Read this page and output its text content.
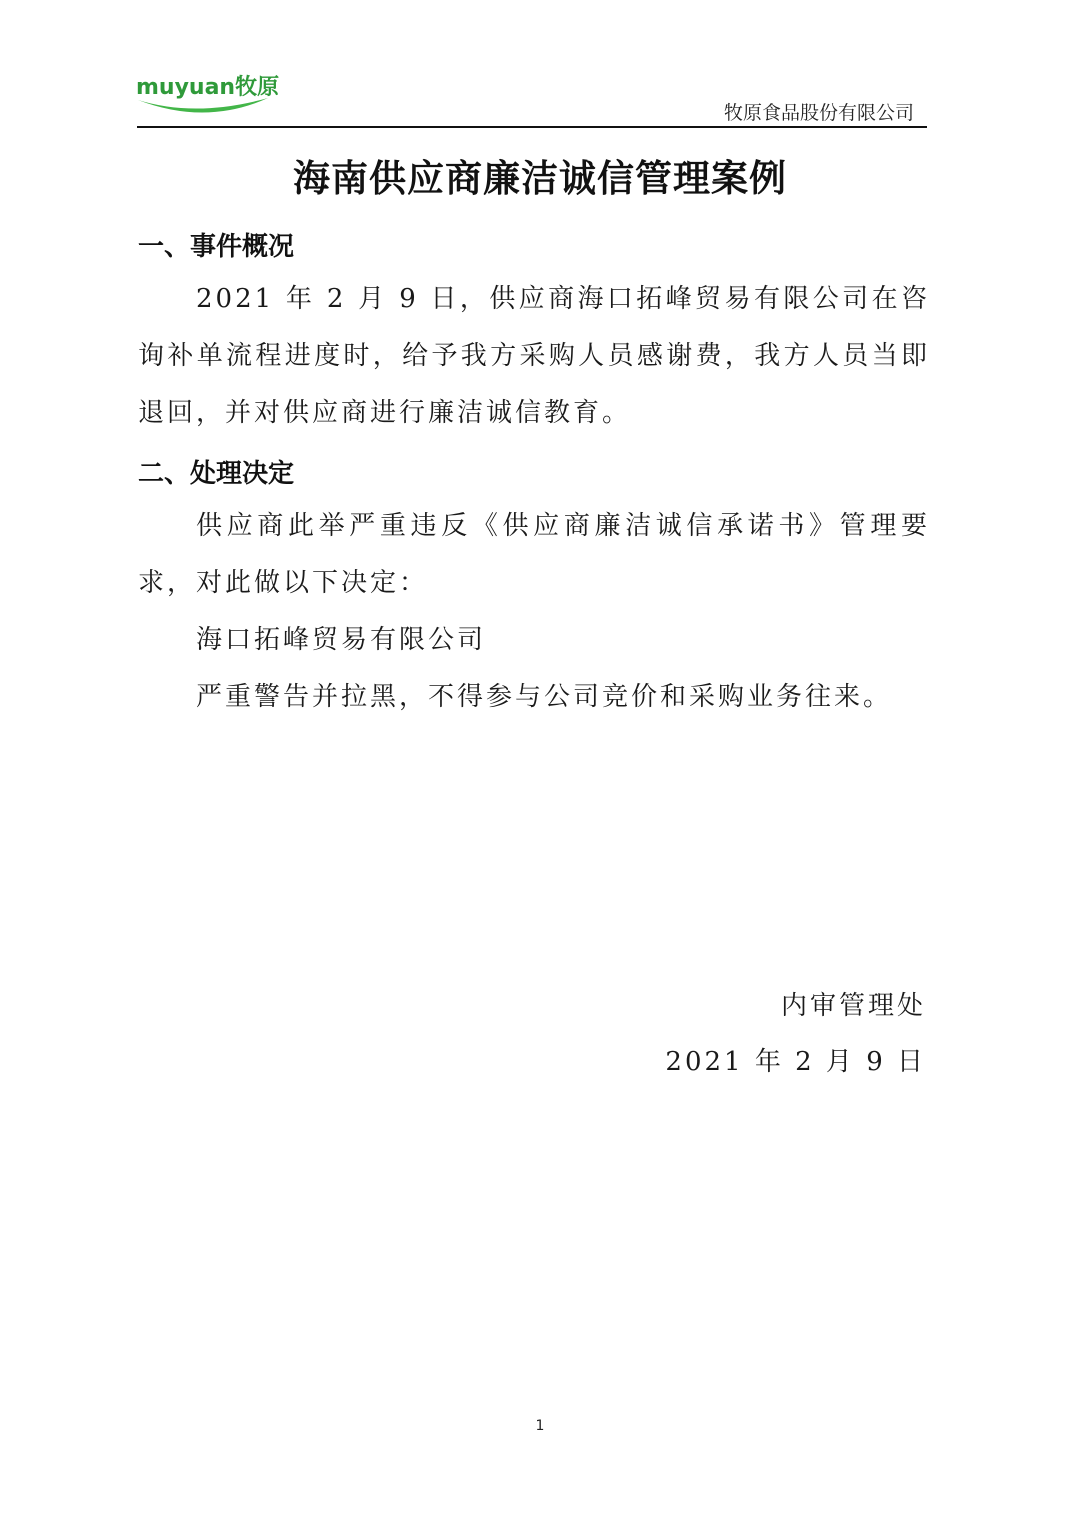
muyuan牧原
牧原食品股份有限公司
海南供应商廉洁诚信管理案例
一、事件概况
2021 年 2 月 9 日，供应商海口拓峰贸易有限公司在咨询补单流程进度时，给予我方采购人员感谢费，我方人员当即退回，并对供应商进行廉洁诚信教育。
二、处理决定
供应商此举严重违反《供应商廉洁诚信承诺书》管理要求，对此做以下决定：
海口拓峰贸易有限公司
严重警告并拉黑，不得参与公司竞价和采购业务往来。
内审管理处
2021 年 2 月 9 日
1
